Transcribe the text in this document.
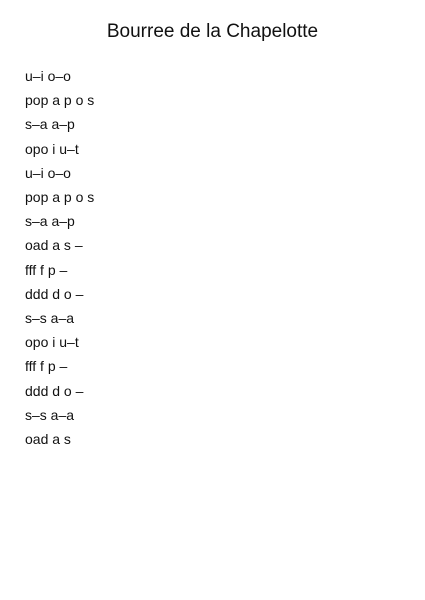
Bourree de la Chapelotte
u–i o–o
pop a p o s
s–a a–p
opo i u–t
u–i o–o
pop a p o s
s–a a–p
oad a s –
fff f p –
ddd d o –
s–s a–a
opo i u–t
fff f p –
ddd d o –
s–s a–a
oad a s
